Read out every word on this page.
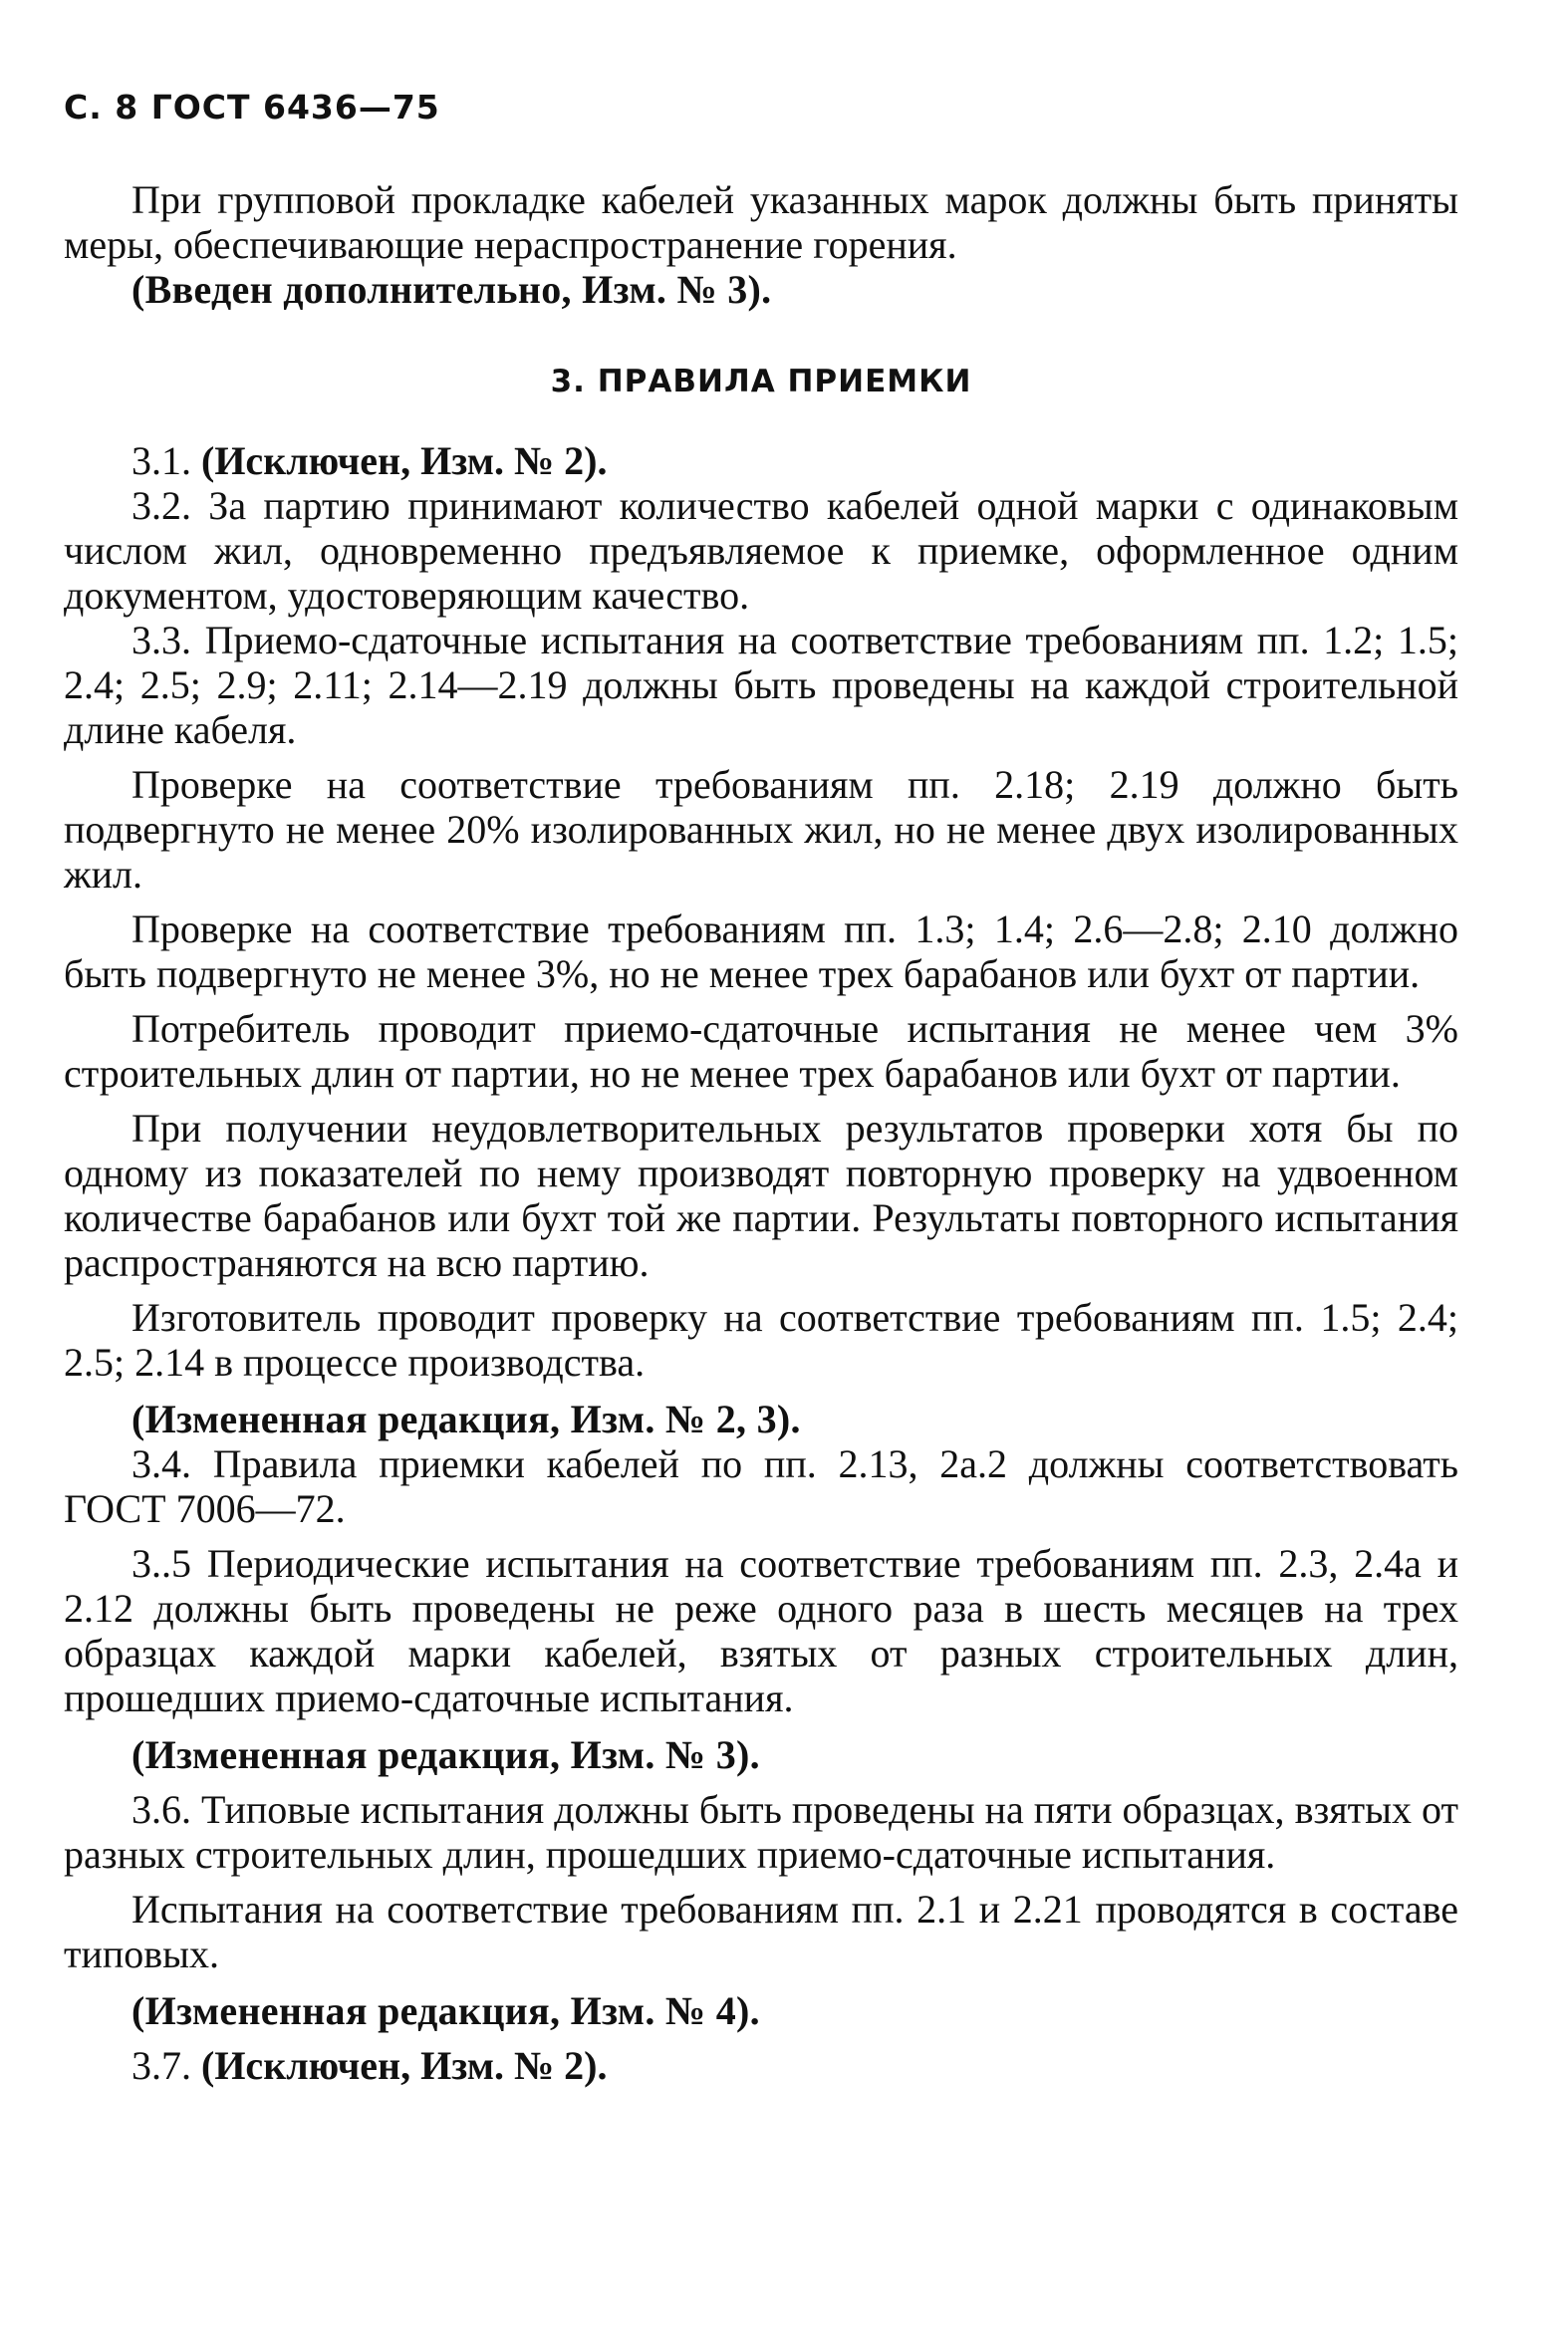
С. 8 ГОСТ 6436—75

При групповой прокладке кабелей указанных марок должны быть приняты меры, обеспечивающие нераспространение горения.

(Введен дополнительно, Изм. № 3).

3. ПРАВИЛА ПРИЕМКИ

3.1. (Исключен, Изм. № 2).

3.2. За партию принимают количество кабелей одной марки с одинаковым числом жил, одновременно предъявляемое к приемке, оформленное одним документом, удостоверяющим качество.

3.3. Приемо-сдаточные испытания на соответствие требованиям пп. 1.2; 1.5; 2.4; 2.5; 2.9; 2.11; 2.14—2.19 должны быть проведены на каждой строительной длине кабеля.

Проверке на соответствие требованиям пп. 2.18; 2.19 должно быть подвергнуто не менее 20% изолированных жил, но не менее двух изолированных жил.

Проверке на соответствие требованиям пп. 1.3; 1.4; 2.6—2.8; 2.10 должно быть подвергнуто не менее 3%, но не менее трех барабанов или бухт от партии.

Потребитель проводит приемо-сдаточные испытания не менее чем 3% строительных длин от партии, но не менее трех барабанов или бухт от партии.

При получении неудовлетворительных результатов проверки хотя бы по одному из показателей по нему производят повторную проверку на удвоенном количестве барабанов или бухт той же партии. Результаты повторного испытания распространяются на всю партию.

Изготовитель проводит проверку на соответствие требованиям пп. 1.5; 2.4; 2.5; 2.14 в процессе производства.

(Измененная редакция, Изм. № 2, 3).

3.4. Правила приемки кабелей по пп. 2.13, 2а.2 должны соответствовать ГОСТ 7006—72.

3..5 Периодические испытания на соответствие требованиям пп. 2.3, 2.4а и 2.12 должны быть проведены не реже одного раза в шесть месяцев на трех образцах каждой марки кабелей, взятых от разных строительных длин, прошедших приемо-сдаточные испытания.

(Измененная редакция, Изм. № 3).

3.6. Типовые испытания должны быть проведены на пяти образцах, взятых от разных строительных длин, прошедших приемо-сдаточные испытания.

Испытания на соответствие требованиям пп. 2.1 и 2.21 проводятся в составе типовых.

(Измененная редакция, Изм. № 4).

3.7. (Исключен, Изм. № 2).
